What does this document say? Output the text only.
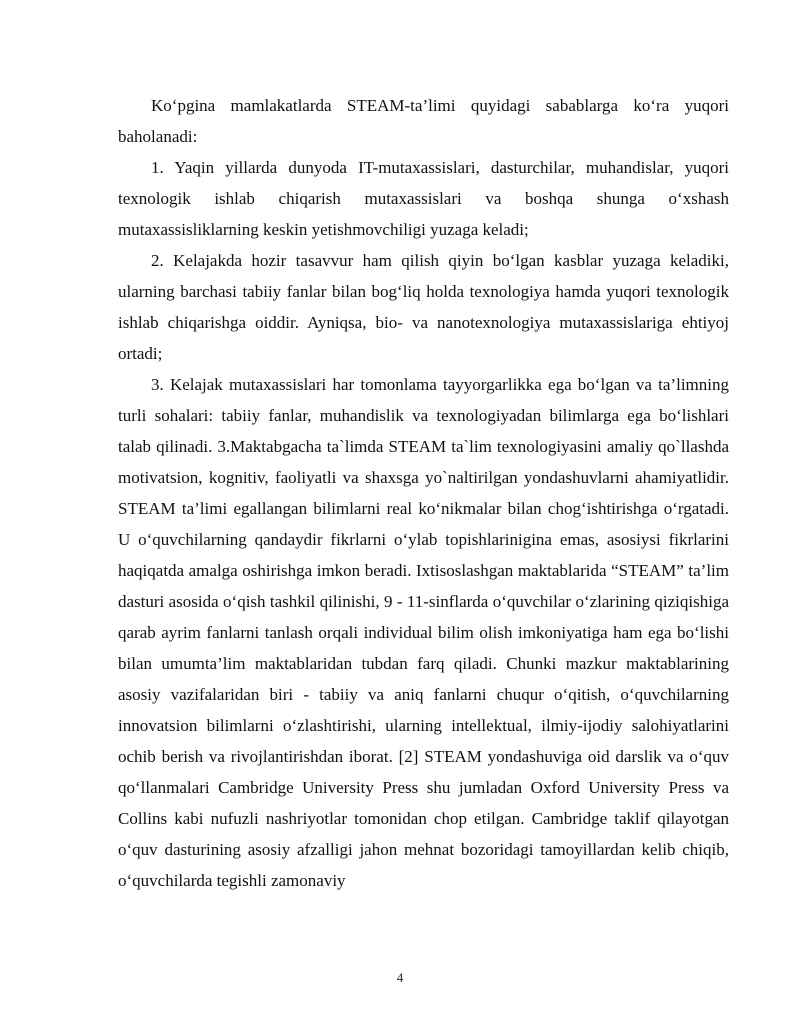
Ko‘pgina mamlakatlarda STEAM-ta’limi quyidagi sabablarga ko‘ra yuqori baholanadi:

1. Yaqin yillarda dunyoda IT-mutaxassislari, dasturchilar, muhandislar, yuqori texnologik ishlab chiqarish mutaxassislari va boshqa shunga o‘xshash mutaxassisliklarning keskin yetishmovchiligi yuzaga keladi;

2. Kelajakda hozir tasavvur ham qilish qiyin bo‘lgan kasblar yuzaga keladiki, ularning barchasi tabiiy fanlar bilan bog‘liq holda texnologiya hamda yuqori texnologik ishlab chiqarishga oiddir. Ayniqsa, bio- va nanotexnologiya mutaxassislariga ehtiyoj ortadi;

3. Kelajak mutaxassislari har tomonlama tayyorgarlikka ega bo‘lgan va ta’limning turli sohalari: tabiiy fanlar, muhandislik va texnologiyadan bilimlarga ega bo‘lishlari talab qilinadi. 3.Maktabgacha ta`limda STEAM ta`lim texnologiyasini amaliy qo`llashda motivatsion, kognitiv, faoliyatli va shaxsga yo`naltirilgan yondashuvlarni ahamiyatlidir. STEAM ta’limi egallangan bilimlarni real ko‘nikmalar bilan chog‘ishtirishga o‘rgatadi. U o‘quvchilarning qandaydir fikrlarni o‘ylab topishlarinigina emas, asosiysi fikrlarini haqiqatda amalga oshirishga imkon beradi. Ixtisoslashgan maktablarida “STEAM” ta’lim dasturi asosida o‘qish tashkil qilinishi, 9 - 11-sinflarda o‘quvchilar o‘zlarining qiziqishiga qarab ayrim fanlarni tanlash orqali individual bilim olish imkoniyatiga ham ega bo‘lishi bilan umumta’lim maktablaridan tubdan farq qiladi. Chunki mazkur maktablarining asosiy vazifalaridan biri - tabiiy va aniq fanlarni chuqur o‘qitish, o‘quvchilarning innovatsion bilimlarni o‘zlashtirishi, ularning intellektual, ilmiy-ijodiy salohiyatlarini ochib berish va rivojlantirishdan iborat. [2] STEAM yondashuviga oid darslik va o‘quv qo‘llanmalari Cambridge University Press shu jumladan Oxford University Press va Collins kabi nufuzli nashriyotlar tomonidan chop etilgan. Cambridge taklif qilayotgan o‘quv dasturining asosiy afzalligi jahon mehnat bozoridagi tamoyillardan kelib chiqib, o‘quvchilarda tegishli zamonaviy

4
